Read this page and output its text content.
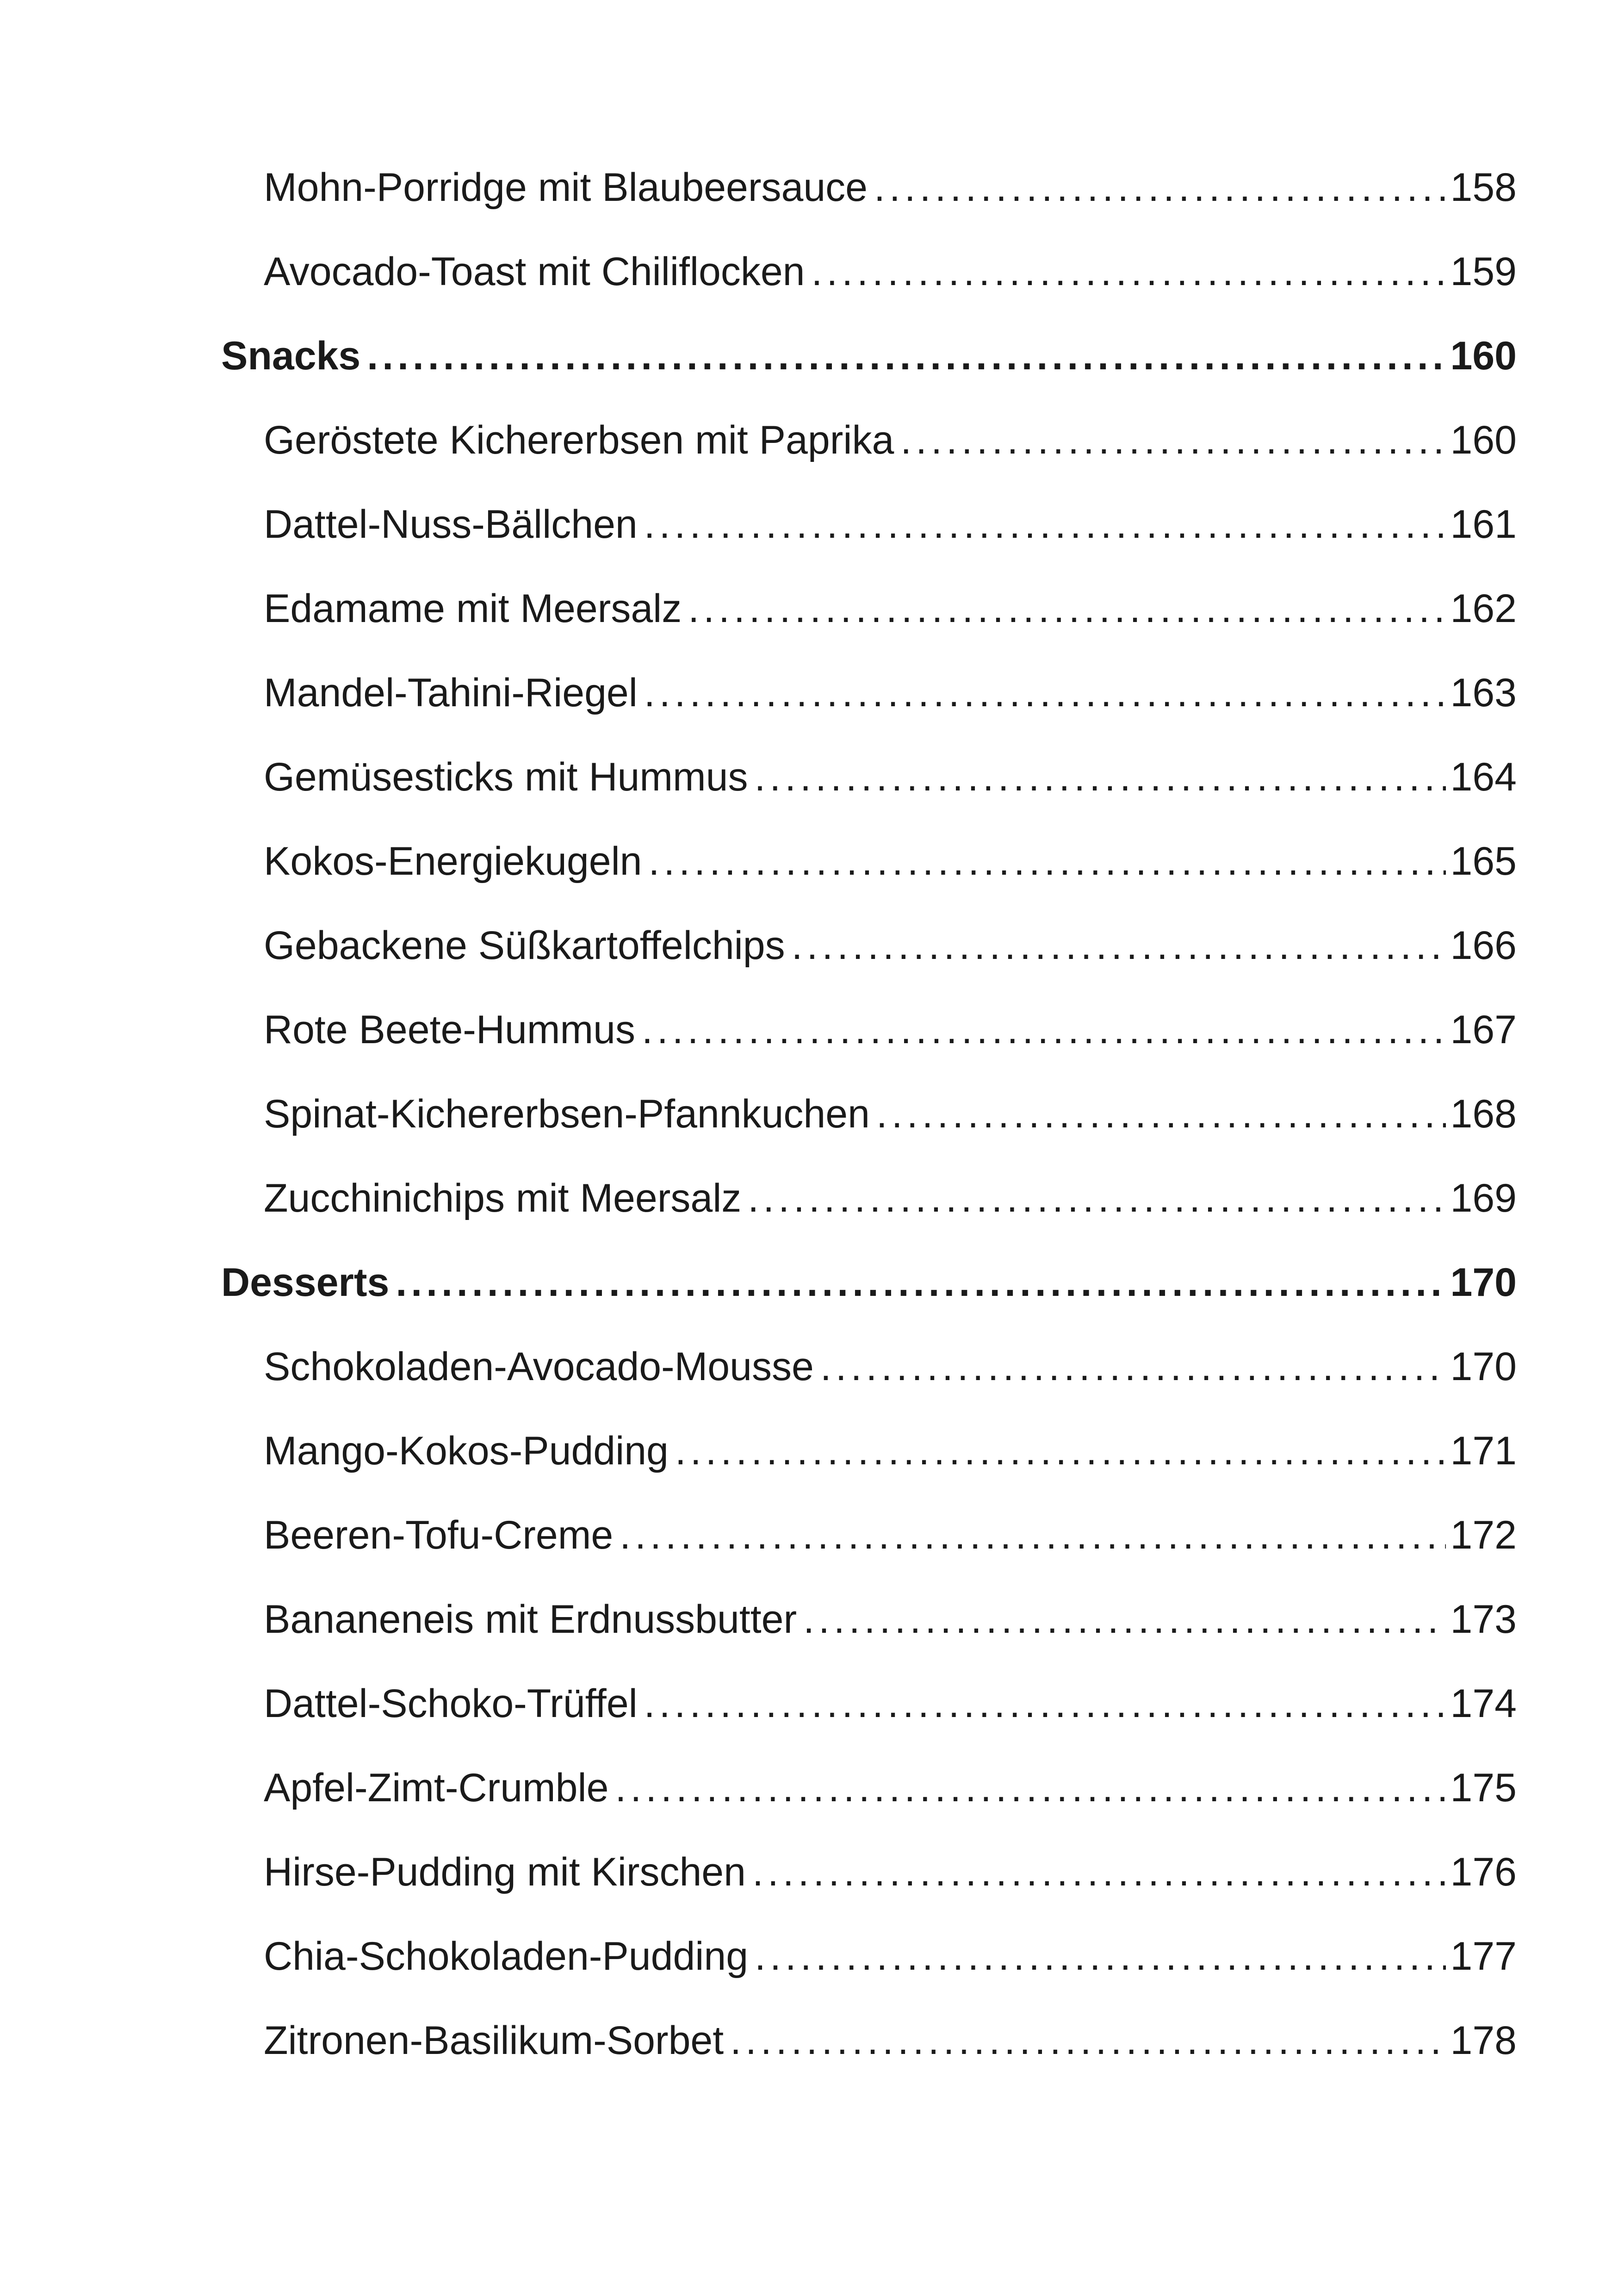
Mohn-Porridge mit Blaubeersauce .....	158
Avocado-Toast mit Chiliflocken .....	159
Snacks .....	160
Geröstete Kichererbsen mit Paprika .....	160
Dattel-Nuss-Bällchen .....	161
Edamame mit Meersalz .....	162
Mandel-Tahini-Riegel .....	163
Gemüsesticks mit Hummus .....	164
Kokos-Energiekugeln .....	165
Gebackene Süßkartoffelchips .....	166
Rote Beete-Hummus .....	167
Spinat-Kichererbsen-Pfannkuchen .....	168
Zucchinichips mit Meersalz .....	169
Desserts .....	170
Schokoladen-Avocado-Mousse .....	170
Mango-Kokos-Pudding .....	171
Beeren-Tofu-Creme .....	172
Bananeneis mit Erdnussbutter .....	173
Dattel-Schoko-Trüffel .....	174
Apfel-Zimt-Crumble .....	175
Hirse-Pudding mit Kirschen .....	176
Chia-Schokoladen-Pudding .....	177
Zitronen-Basilikum-Sorbet .....	178
